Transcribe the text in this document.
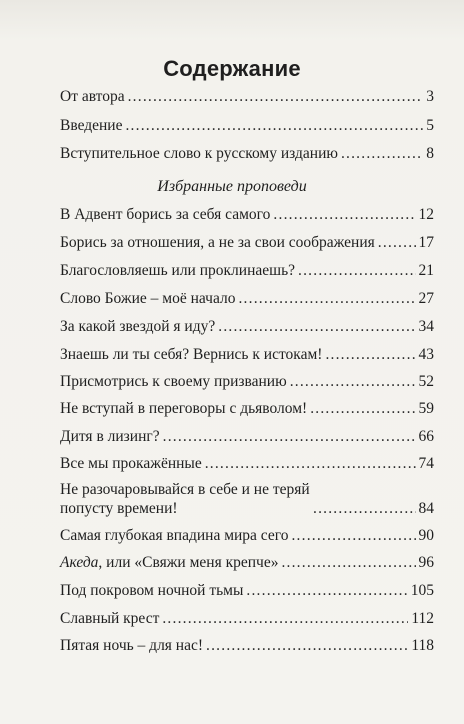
Содержание
От автора .....	3
Введение .....	5
Вступительное слово к русскому изданию .....	8
Избранные проповеди
В Адвент борись за себя самого .....	12
Борись за отношения, а не за свои соображения .....	17
Благословляешь или проклинаешь? .....	21
Слово Божие – моё начало .....	27
За какой звездой я иду? .....	34
Знаешь ли ты себя? Вернись к истокам! .....	43
Присмотрись к своему призванию .....	52
Не вступай в переговоры с дьяволом! .....	59
Дитя в лизинг? .....	66
Все мы прокажённые .....	74
Не разочаровывайся в себе и не теряй попусту времени! .....	84
Самая глубокая впадина мира сего .....	90
Акеда, или «Свяжи меня крепче» .....	96
Под покровом ночной тьмы .....	105
Славный крест .....	112
Пятая ночь – для нас! .....	118
